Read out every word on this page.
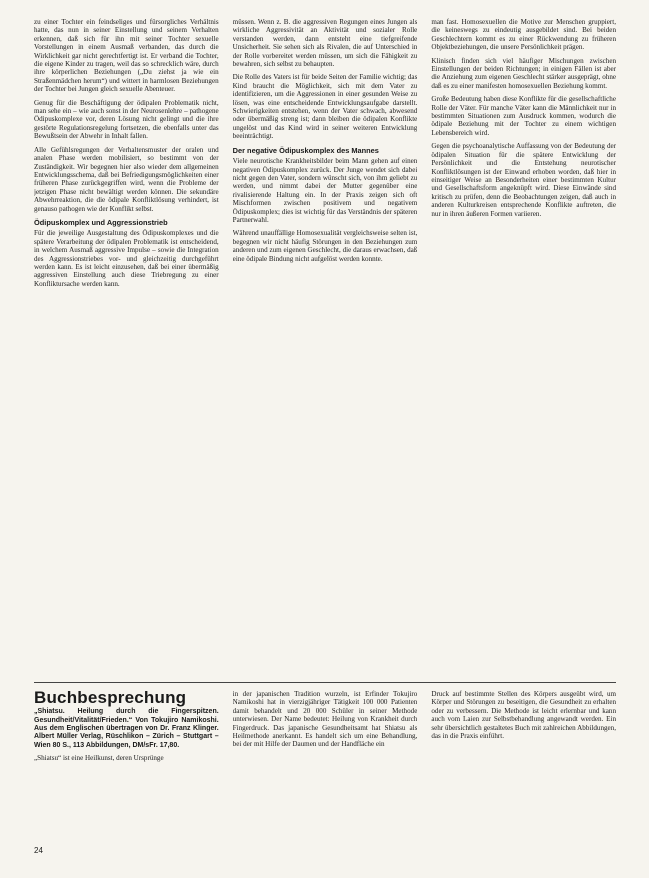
zu einer Tochter ein feindseliges und fürsorgliches Verhältnis hatte, das nun in seiner Einstellung und seinem Verhalten erkennen, daß sich für ihn mit seiner Tochter sexuelle Vorstellungen in einem Ausmaß verbanden, das durch die Wirklichkeit gar nicht gerechtfertigt ist. Er verband die Tochter, die eigene Kinder zu tragen, weil das so schrecklich wäre, durch ihre körperlichen Beziehungen („Du ziehst ja wie ein Straßenmädchen herum“) und wittert in harmlosen Beziehungen der Tochter bei Jungen gleich sexuelle Abenteuer.

Genug für die Beschäftigung der ödipalen Problematik nicht, man sehe ein – wie auch sonst in der Neurosenlehre – pathogene Ödipuskomplexe vor, deren Lösung nicht gelingt und die ihre gestörte Regulationsregelung fortsetzen, die ebenfalls unter das Bewußtsein der Abwehr in Inhalt fallen.

Alle Gefühlsregungen der Verhaltensmuster der oralen und analen Phase werden mobilisiert, so bestimmt von der Zuständigkeit. Wir begegnen hier also wieder dem allgemeinen Entwicklungsschema, daß bei Befriedigungsmöglichkeiten einer früheren Phase zurückgegriffen wird, wenn die Probleme der jetzigen Phase nicht bewältigt werden können. Die sekundäre Abwehrreaktion, die die ödipale Konfliktlösung verhindert, ist genauso pathogen wie der Konflikt selbst.

Ödipuskomplex und Aggressionstrieb

Für die jeweilige Ausgestaltung des Ödipuskomplexes und die spätere Verarbeitung der ödipalen Problematik ist entscheidend, in welchem Ausmaß aggressive Impulse – sowie die Integration des Aggressionstriebes vor- und gleichzeitig durchgeführt werden kann. Es ist leicht einzusehen, daß bei einer übermäßig aggressiven Einstellung auch diese Triebregung zu einer Konfliktursache werden kann.

müssen. Wenn z. B. die aggressiven Regungen eines Jungen als wirkliche Aggressivität an Aktivität und sozialer Rolle verstanden werden, dann entsteht eine tiefgreifende Unsicherheit. Sie sehen sich als Rivalen, die auf Unterschied in der Rolle vorbereitet werden müssen, um sich die Fähigkeit zu bewahren, sich selbst zu behaupten.

Die Rolle des Vaters ist für beide Seiten der Familie wichtig; das Kind braucht die Möglichkeit, sich mit dem Vater zu identifizieren, um die Aggressionen in einer gesunden Weise zu lösen, was eine entscheidende Entwicklungsaufgabe darstellt. Schwierigkeiten entstehen, wenn der Vater schwach, abwesend oder übermäßig streng ist; dann bleiben die ödipalen Konflikte ungelöst und das Kind wird in seiner weiteren Entwicklung beeinträchtigt.

Der negative Ödipuskomplex des Mannes

Viele neurotische Krankheitsbilder beim Mann gehen auf einen negativen Ödipuskomplex zurück. Der Junge wendet sich dabei nicht gegen den Vater, sondern wünscht sich, von ihm geliebt zu werden, und nimmt dabei der Mutter gegenüber eine rivalisierende Haltung ein. In der Praxis zeigen sich oft Mischformen zwischen positivem und negativem Ödipuskomplex; dies ist wichtig für das Verständnis der späteren Partnerwahl.

Während unauffällige Homosexualität vergleichsweise selten ist, begegnen wir nicht häufig Störungen in den Beziehungen zum anderen und zum eigenen Geschlecht, die daraus erwachsen, daß eine ödipale Bindung nicht aufgelöst werden konnte.

man fast. Homosexuellen die Motive zur Menschen gruppiert, die keineswegs zu eindeutig ausgebildet sind. Bei beiden Geschlechtern kommt es zu einer Rückwendung zu früheren Objektbeziehungen, die unsere Persönlichkeit prägen.

Klinisch finden sich viel häufiger Mischungen zwischen Einstellungen der beiden Richtungen; in einigen Fällen ist aber die Anziehung zum eigenen Geschlecht stärker ausgeprägt, ohne daß es zu einer manifesten homosexuellen Beziehung kommt.

Große Bedeutung haben diese Konflikte für die gesellschaftliche Rolle der Väter. Für manche Väter kann die Männlichkeit nur in bestimmten Situationen zum Ausdruck kommen, wodurch die ödipale Beziehung mit der Tochter zu einem wichtigen Lebensbereich wird.

Gegen die psychoanalytische Auffassung von der Bedeutung der ödipalen Situation für die spätere Entwicklung der Persönlichkeit und die Entstehung neurotischer Konfliktlösungen ist der Einwand erhoben worden, daß hier in einseitiger Weise an Besonderheiten einer bestimmten Kultur und Gesellschaftsform angeknüpft wird. Diese Einwände sind kritisch zu prüfen, denn die Beobachtungen zeigen, daß auch in anderen Kulturkreisen entsprechende Konflikte auftreten, die nur in ihren äußeren Formen variieren.

Buchbesprechung
„Shiatsu. Heilung durch die Fingerspitzen. Gesundheit/Vitalität/Frieden.“ Von Tokujiro Namikoshi. Aus dem Englischen übertragen von Dr. Franz Klinger. Albert Müller Verlag, Rüschlikon – Zürich – Stuttgart – Wien 80 S., 113 Abbildungen, DM/sFr. 17,80.

„Shiatsu“ ist eine Heilkunst, deren Ursprünge

in der japanischen Tradition wurzeln, ist Erfinder Tokujiro Namikoshi hat in vierzigjähriger Tätigkeit 100 000 Patienten damit behandelt und 20 000 Schüler in seiner Methode unterwiesen. Der Name bedeutet: Heilung von Krankheit durch Fingerdruck. Das japanische Gesundheitsamt hat Shiatsu als Heilmethode anerkannt. Es handelt sich um eine Behandlung, bei der mit Hilfe der Daumen und der Handfläche ein

Druck auf bestimmte Stellen des Körpers ausgeübt wird, um Körper und Störungen zu beseitigen, die Gesundheit zu erhalten oder zu verbessern. Die Methode ist leicht erlernbar und kann auch vom Laien zur Selbstbehandlung angewandt werden. Ein sehr übersichtlich gestaltetes Buch mit zahlreichen Abbildungen, das in die Praxis einführt.

24
